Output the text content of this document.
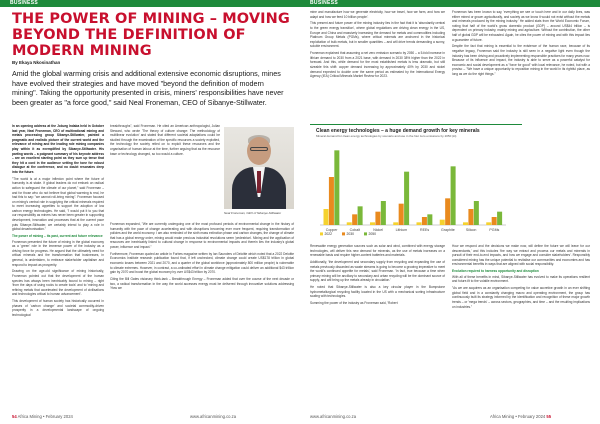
BUSINESS
THE POWER OF MINING – MOVING BEYOND THE DEFINITION OF MODERN MINING
By Ekaya Nkosinathan
Amid the global warming crisis and additional extensive economic disruptions, mines have evolved their strategies and have moved "beyond the definition of modern mining". Taking the opportunity presented in crisis, miners' responsibilities have never been greater as "a force good," said Neal Froneman, CEO of Sibanye-Stillwater.

In an opening address at the Joburg Indaba held in October last year, Neal Froneman, CEO of multinational mining and metals processing group Sibanye-Stillwater, painted a pragmatic and realistic picture of the current world and the relevance of mining and the leading role mining companies play within it as exemplified by Sibanye-Stillwater. His parting words – a poignant summary of his keynote address – are an excellent starting point as they sum up tense that they hit a cord in the audience setting the tone for robust dialogue at the conference, and no doubt resonates deep into the future.

"The world is at a major inflexion point where the future of humanity is at stake. If global leaders do not embark on radical action to safeguard the climate of our planet," said Froneman – and for those who do not believe that global warming is real, he had this to say: "we cannot roll-bring mining". Froneman focused on mining's central role in supplying the critical minerals required to meet increasing appetites to support the adoption of low carbon energy technologies. He said, "I would put it to you that our responsibility as miners has never been greater in supporting development, innovation and processes that at the current pace puts Sibanye-Stillwater, we certainly intend to play a role in global decarbonisation."

The power of mining – its past, current and future relevance

Froneman presented the future of mining in the global economy as a 'green' role in the immense power of the industry as a driving force for progress. He argued that the ultimately need for critical minerals and the transformation that businesses, in general, is undertaken, to embrace stakeholder capitalism and respond to impact as prosperity.

Drawing on the age-old significance of mining historically, Froneman pointed out that the development of the human species has always been inextricably bound to mining – right 'from the days of using rocks to create tools' and to 'mining and refining metals that accelerated the development of civilisations and technologies critical to human advancement'.

This development of human society has historically occurred in phases of 'carbon change' and societal commodity-driven prosperity in a developmental landscape of ongoing technological

breakthroughs", said Froneman. He cited an American anthropologist, Julian Steward, who wrote 'The theory of culture change: The methodology of multilinear evolution' and stated that different societal adaptations could be studied through the examination of the specific resources a society exploited, the technology the society relied on to exploit these resources and the organisation of human labour at the time, further arguing that as the resource base or technology changed, so too would a culture.

Neal Froneman, CEO of Sibanye-Stillwater

Froneman expanded, "We are currently undergoing one of the most profound periods of environmental change in the history of humanity with the pace of change accelerating and with disruptions becoming ever more frequent, requiring transformation of policies and the world economy. I am also reminded of the sixth mass extinction phase and carbon changes, the change of climate that has a global energy order, mining would make precious industrial revolutions seem 'pedestrian'. Mining and the application of resources are inextricably linked to cultural change in response to environmental impacts and therein lies the industry's global power, influence and impact."

Furthermore, Froneman quoted an article in Forbes magazine written by Ian Saunders of Deloitte which noted that a 2022 Deloitte Economics Institute research publication found that, if left unchecked, climate change could create US$178 trillion in global economic losses between 2021 and 2070, and a quarter of the global workforce (approximately 800 million people) is vulnerable to climate extremes. However, in contrast, a co-ordinated effort in climate change mitigation could deliver an additional $43 trillion gain by 2070 and boost the global economy by over US$43 trillion by 2070.

Citing the Bill Gates visionary think-tank – Breakthrough Energy – Froneman added that over the course of the next decade or two, a radical transformation in the way the world accesses energy must be delivered through innovative solutions addressing 'How we

54 Africa Mining • February 2024	www.africanmining.co.za
BUSINESS

mine and manufacture how we generate electricity, how we travel, how we farm, and how we adapt and how we feed 10 billion people'.

This present and future power of the mining industry lies in the fact that it is 'abundantly central to the green energy transition', where global regulations are driving clean energy in the US, Europe and China and massively increasing the demand for metals and commodities including Platinum Group Metals (PGMs), where critical minerals are anchored in the historical exploitation of bulk metals, but in smaller quantities – and will drive trends demanding a sunny, soluble environment.

Froneman explained that assuming a net zero emission scenario by 2050 – a 5-fold increase in lithium demand to 2030 from a 2021 base, with demand in 2030 38% higher than the 2022 in forecast. And this, while demand for the most established metals is less dramatic, but still sizeable this shift: copper demand increasing by approximately 40% by 2030 and nickel demand expected to double over the same period as estimated by the International Energy Agency (IEA) Critical Minerals Market Review for 2023.

Froneman has been known to say, 'everything we see or touch here and in our daily lives, was either mined or grown agriculturally, and society as we know it would not exist without the metals and minerals produced by the mining industry.' He added stats from the World Economic Forum, noting that half of the world's gross domestic product (GDP) – around US$44 trillion – is dependent on primary industry, mainly mining and agriculture. Without the contribution, the other half of global GDP will be exhausted. Again, he cites the power of mining and with this impact lies a guarantee of future.

Despite the fact that mining is essential to the existence of the human race, because of its negative legacy, Froneman said the industry is still seen in a negative light even though the industry has been driving and proactively implementing responsible practices for many years now. Because of its influence and impact, the industry is able to serve as a powerful catalyst for economic and social development as a "force for good" with local relevance, he noted, but with a proviso – "We have a unique opportunity to reposition mining in the world in its rightful place, as long as we do the right things."

Clean energy technologies – a huge demand growth for key minerals
Mineral demand for clean energy technologies by scenario and use in the Net zero emissions by 2050 (kt)
Copper	Cobalt	Nickel	Lithium	REEs	Graphite	Silicon	PGMs
2022	2030	2050

Renewable energy generation sources such as solar and wind, combined with energy storage technologies, will deliver this new demand for minerals, as the use of metals increases on a renewable basis and require higher-content batteries and materials.

Additionally, 'the development and secondary supply from recycling and expanding the use of metals previously discarded as waste streams is going to become a growing imperative to meet the world's continued appetite for metals', said Froneman. 'In fact, true because a time when primary mining will be ancillary to secondary and urban recycling will be the dominant source of supply, and will bring up the metals already in circulation.'

He noted that Sibanye-Stillwater is also a key circular player in the Bumpstone hydrometallurgical recycling facility located in the US with a mechanical sorting infrastructure scaling with technologies.

Summing the power of the industry as Froneman said, 'Robert

How we respond and the decisions we make now, will define the future we will leave for our descendants,' and this includes 'the way we extract and process our metals and minerals in pursuit of their end-to-end impacts, and how we engage and consider stakeholders'. Responsibly considered mining has the unique potential to revitalise our communities and economies and has environmental benefits in ways that are aligned with social responsibility.

Evolution required to harness opportunity and disruption

With all of these benefits in mind, Sibanye-Stillwater has evolved to make its operations resilient and future-fit to the volatile environment.

"As we are acquirers as an organisation competing for value accretive growth in an ever shifting global field and in a constantly changing macro and operating environment, the group has continuously built its strategy informed by the identification and recognition of these major growth trends – or 'mega trends' – across sectors, geographies, and time – and the resulting implications on industries."

www.africanmining.co.za	Africa Mining • February 2024 55
